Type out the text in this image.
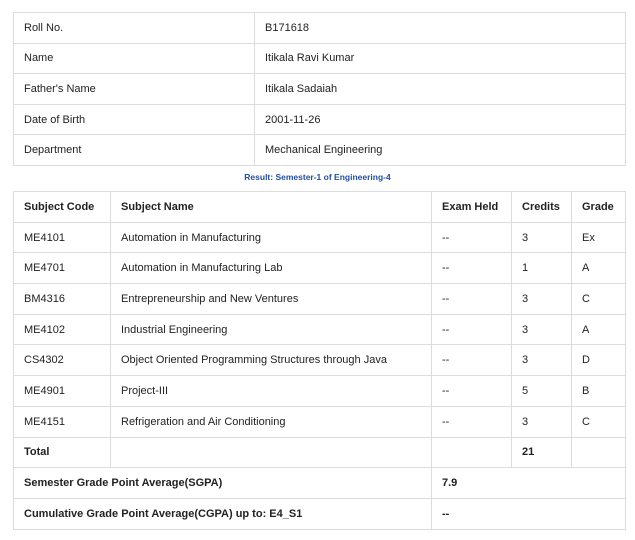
Roll No.	B171618
Name	Itikala Ravi Kumar
Father's Name	Itikala Sadaiah
Date of Birth	2001-11-26
Department	Mechanical Engineering
Result: Semester-1 of Engineering-4
Subject Code	Subject Name	Exam Held	Credits	Grade
ME4101	Automation in Manufacturing	--	3	Ex
ME4701	Automation in Manufacturing Lab	--	1	A
BM4316	Entrepreneurship and New Ventures	--	3	C
ME4102	Industrial Engineering	--	3	A
CS4302	Object Oriented Programming Structures through Java	--	3	D
ME4901	Project-III	--	5	B
ME4151	Refrigeration and Air Conditioning	--	3	C
Total			21	
Semester Grade Point Average(SGPA)		7.9		
Cumulative Grade Point Average(CGPA) up to: E4_S1		--		
